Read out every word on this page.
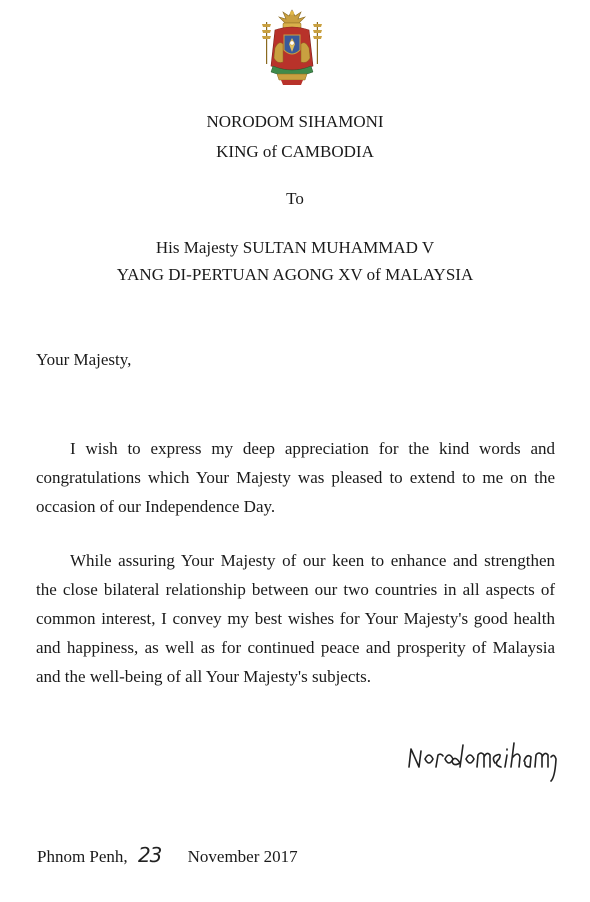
NORODOM SIHAMONI
KING of CAMBODIA
To
His Majesty SULTAN MUHAMMAD V
YANG DI-PERTUAN AGONG XV of MALAYSIA
Your Majesty,

I wish to express my deep appreciation for the kind words and congratulations which Your Majesty was pleased to extend to me on the occasion of our Independence Day.

While assuring Your Majesty of our keen to enhance and strengthen the close bilateral relationship between our two countries in all aspects of common interest, I convey my best wishes for Your Majesty's good health and happiness, as well as for continued peace and prosperity of Malaysia and the well-being of all Your Majesty's subjects.

Phnom Penh, 23 November 2017
